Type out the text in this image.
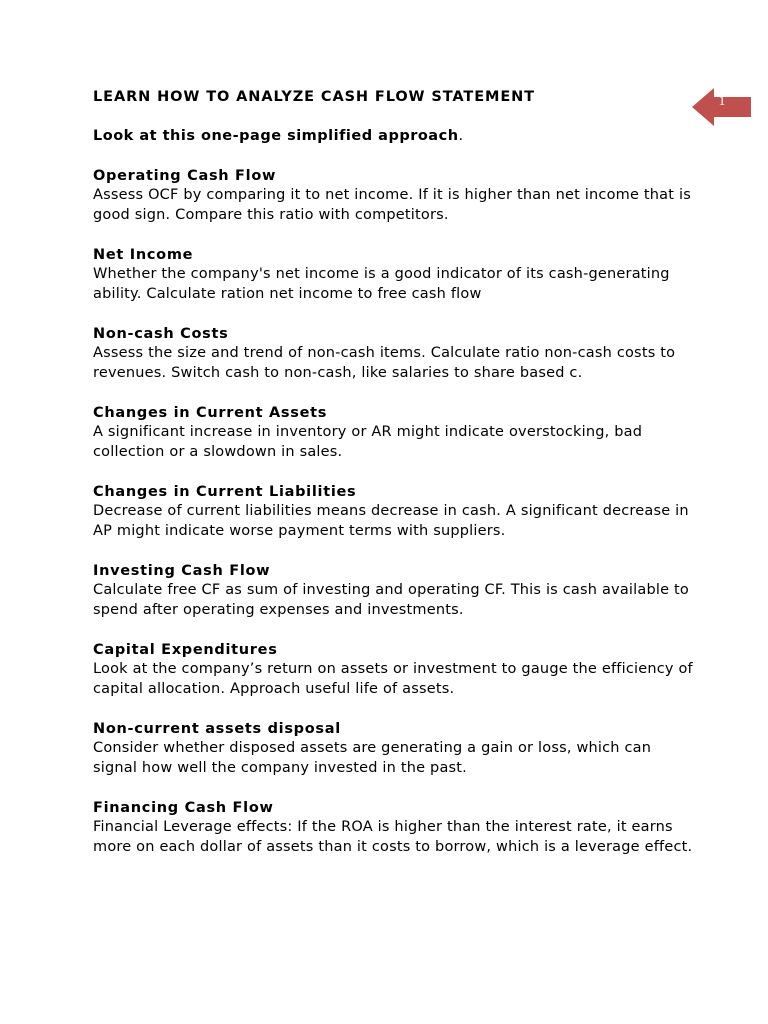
1

LEARN HOW TO ANALYZE CASH FLOW STATEMENT

Look at this one-page simplified approach.

Operating Cash Flow

Assess OCF by comparing it to net income. If it is higher than net income that is good sign. Compare this ratio with competitors.

Net Income

Whether the company's net income is a good indicator of its cash-generating ability. Calculate ration net income to free cash flow

Non-cash Costs

Assess the size and trend of non-cash items. Calculate ratio non-cash costs to revenues. Switch cash to non-cash, like salaries to share based c.

Changes in Current Assets

A significant increase in inventory or AR might indicate overstocking, bad collection or a slowdown in sales.

Changes in Current Liabilities

Decrease of current liabilities means decrease in cash. A significant decrease in AP might indicate worse payment terms with suppliers.

Investing Cash Flow

Calculate free CF as sum of investing and operating CF. This is cash available to spend after operating expenses and investments.

Capital Expenditures

Look at the company’s return on assets or investment to gauge the efficiency of capital allocation. Approach useful life of assets.

Non-current assets disposal

Consider whether disposed assets are generating a gain or loss, which can signal how well the company invested in the past.

Financing Cash Flow

Financial Leverage effects: If the ROA is higher than the interest rate, it earns more on each dollar of assets than it costs to borrow, which is a leverage effect.
